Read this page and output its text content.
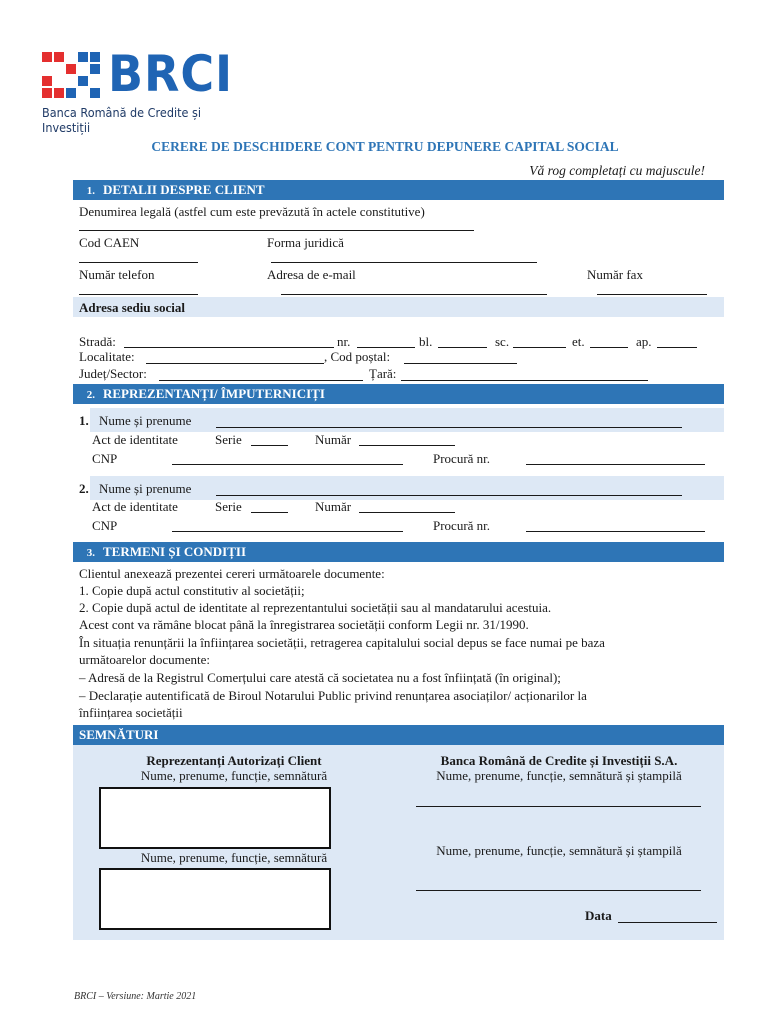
BRCI
Banca Română de Credite și Investiții
CERERE DE DESCHIDERE CONT PENTRU DEPUNERE CAPITAL SOCIAL
Vă rog completați cu majuscule!
1. DETALII DESPRE CLIENT
Denumirea legală (astfel cum este prevăzută în actele constitutive)
Cod CAEN	Forma juridică
Număr telefon	Adresa de e-mail	Număr fax
Adresa sediu social
Stradă:	nr.	bl.	sc.	et.	ap.
Localitate:	, Cod poștal:
Județ/Sector:	Țară:
2. REPREZENTANȚI/ ÎMPUTERNICIȚI
1. Nume și prenume
Act de identitate	Serie	Număr
CNP	Procură nr.
2. Nume și prenume
Act de identitate	Serie	Număr
CNP	Procură nr.
3. TERMENI ȘI CONDIȚII
Clientul anexează prezentei cereri următoarele documente:
1. Copie după actul constitutiv al societății;
2. Copie după actul de identitate al reprezentantului societății sau al mandatarului acestuia.
Acest cont va rămâne blocat până la înregistrarea societății conform Legii nr. 31/1990.
În situația renunțării la înființarea societății, retragerea capitalului social depus se face numai pe baza
următoarelor documente:
– Adresă de la Registrul Comerțului care atestă că societatea nu a fost înființată (în original);
– Declarație autentificată de Biroul Notarului Public privind renunțarea asociaților/ acționarilor la
înființarea societății
SEMNĂTURI
Reprezentanți Autorizați Client
Nume, prenume, funcție, semnătură
Nume, prenume, funcție, semnătură
Banca Română de Credite și Investiții S.A.
Nume, prenume, funcție, semnătură și ștampilă
Nume, prenume, funcție, semnătură și ștampilă
Data
BRCI – Versiune: Martie 2021
